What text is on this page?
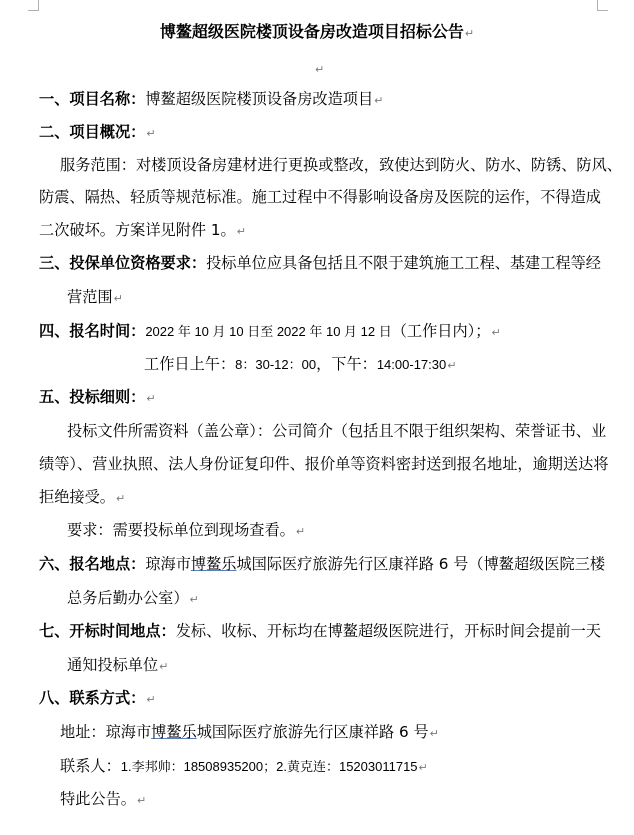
博鳌超级医院楼顶设备房改造项目招标公告↵
↵
一、项目名称：博鳌超级医院楼顶设备房改造项目↵
二、项目概况：↵
服务范围：对楼顶设备房建材进行更换或整改，致使达到防火、防水、防锈、防风、
防震、隔热、轻质等规范标准。施工过程中不得影响设备房及医院的运作，不得造成
二次破坏。方案详见附件 1。↵
三、投保单位资格要求：投标单位应具备包括且不限于建筑施工工程、基建工程等经
营范围↵
四、报名时间：2022 年 10 月 10 日至 2022 年 10 月 12 日（工作日内）；↵
工作日上午：8：30-12：00，下午：14:00-17:30↵
五、投标细则：↵
投标文件所需资料（盖公章）：公司简介（包括且不限于组织架构、荣誉证书、业
绩等）、营业执照、法人身份证复印件、报价单等资料密封送到报名地址，逾期送达将
拒绝接受。↵
要求：需要投标单位到现场查看。↵
六、报名地点：琼海市博鳌乐城国际医疗旅游先行区康祥路 6 号（博鳌超级医院三楼
总务后勤办公室）↵
七、开标时间地点：发标、收标、开标均在博鳌超级医院进行，开标时间会提前一天
通知投标单位↵
八、联系方式：↵
地址：琼海市博鳌乐城国际医疗旅游先行区康祥路 6 号↵
联系人：1.李邦帅：18508935200；2.黄克连：15203011715↵
特此公告。↵
